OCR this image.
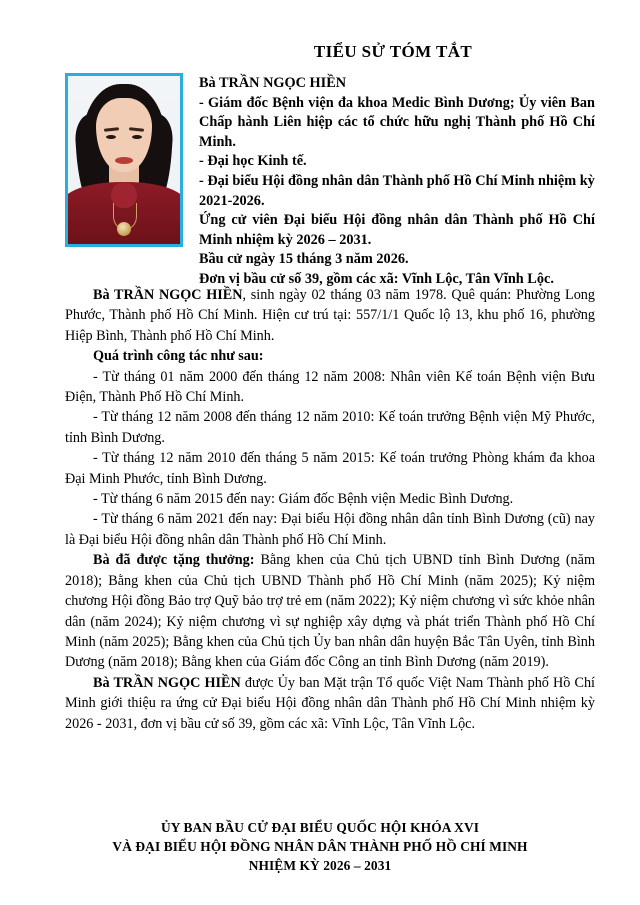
TIỂU SỬ TÓM TẮT

Bà TRẦN NGỌC HIỀN

- Giám đốc Bệnh viện đa khoa Medic Bình Dương; Ủy viên Ban Chấp hành Liên hiệp các tổ chức hữu nghị Thành phố Hồ Chí Minh.

- Đại học Kinh tế.

- Đại biểu Hội đồng nhân dân Thành phố Hồ Chí Minh nhiệm kỳ 2021-2026.

Ứng cử viên Đại biểu Hội đồng nhân dân Thành phố Hồ Chí Minh nhiệm kỳ 2026 – 2031.

Bầu cử ngày 15 tháng 3 năm 2026.

Đơn vị bầu cử số 39, gồm các xã: Vĩnh Lộc, Tân Vĩnh Lộc.

Bà TRẦN NGỌC HIỀN, sinh ngày 02 tháng 03 năm 1978. Quê quán: Phường Long Phước, Thành phố Hồ Chí Minh. Hiện cư trú tại: 557/1/1 Quốc lộ 13, khu phố 16, phường Hiệp Bình, Thành phố Hồ Chí Minh.

Quá trình công tác như sau:

- Từ tháng 01 năm 2000 đến tháng 12 năm 2008: Nhân viên Kế toán Bệnh viện Bưu Điện, Thành Phố Hồ Chí Minh.

- Từ tháng 12 năm 2008 đến tháng 12 năm 2010: Kế toán trưởng Bệnh viện Mỹ Phước, tỉnh Bình Dương.

- Từ tháng 12 năm 2010 đến tháng 5 năm 2015: Kế toán trưởng Phòng khám đa khoa Đại Minh Phước, tỉnh Bình Dương.

- Từ tháng 6 năm 2015 đến nay: Giám đốc Bệnh viện Medic Bình Dương.

- Từ tháng 6 năm 2021 đến nay: Đại biểu Hội đồng nhân dân tỉnh Bình Dương (cũ) nay là Đại biểu Hội đồng nhân dân Thành phố Hồ Chí Minh.

Bà đã được tặng thưởng: Bằng khen của Chủ tịch UBND tỉnh Bình Dương (năm 2018); Bằng khen của Chủ tịch UBND Thành phố Hồ Chí Minh (năm 2025); Kỷ niệm chương Hội đồng Bảo trợ Quỹ bảo trợ trẻ em (năm 2022); Kỷ niệm chương vì sức khỏe nhân dân (năm 2024); Kỷ niệm chương vì sự nghiệp xây dựng và phát triển Thành phố Hồ Chí Minh (năm 2025); Bằng khen của Chủ tịch Ủy ban nhân dân huyện Bắc Tân Uyên, tỉnh Bình Dương (năm 2018); Bằng khen của Giám đốc Công an tỉnh Bình Dương (năm 2019).

Bà TRẦN NGỌC HIỀN được Ủy ban Mặt trận Tổ quốc Việt Nam Thành phố Hồ Chí Minh giới thiệu ra ứng cử Đại biểu Hội đồng nhân dân Thành phố Hồ Chí Minh nhiệm kỳ 2026 - 2031, đơn vị bầu cử số 39, gồm các xã: Vĩnh Lộc, Tân Vĩnh Lộc.

ỦY BAN BẦU CỬ ĐẠI BIỂU QUỐC HỘI KHÓA XVI

VÀ ĐẠI BIỂU HỘI ĐỒNG NHÂN DÂN THÀNH PHỐ HỒ CHÍ MINH

NHIỆM KỲ 2026 – 2031
